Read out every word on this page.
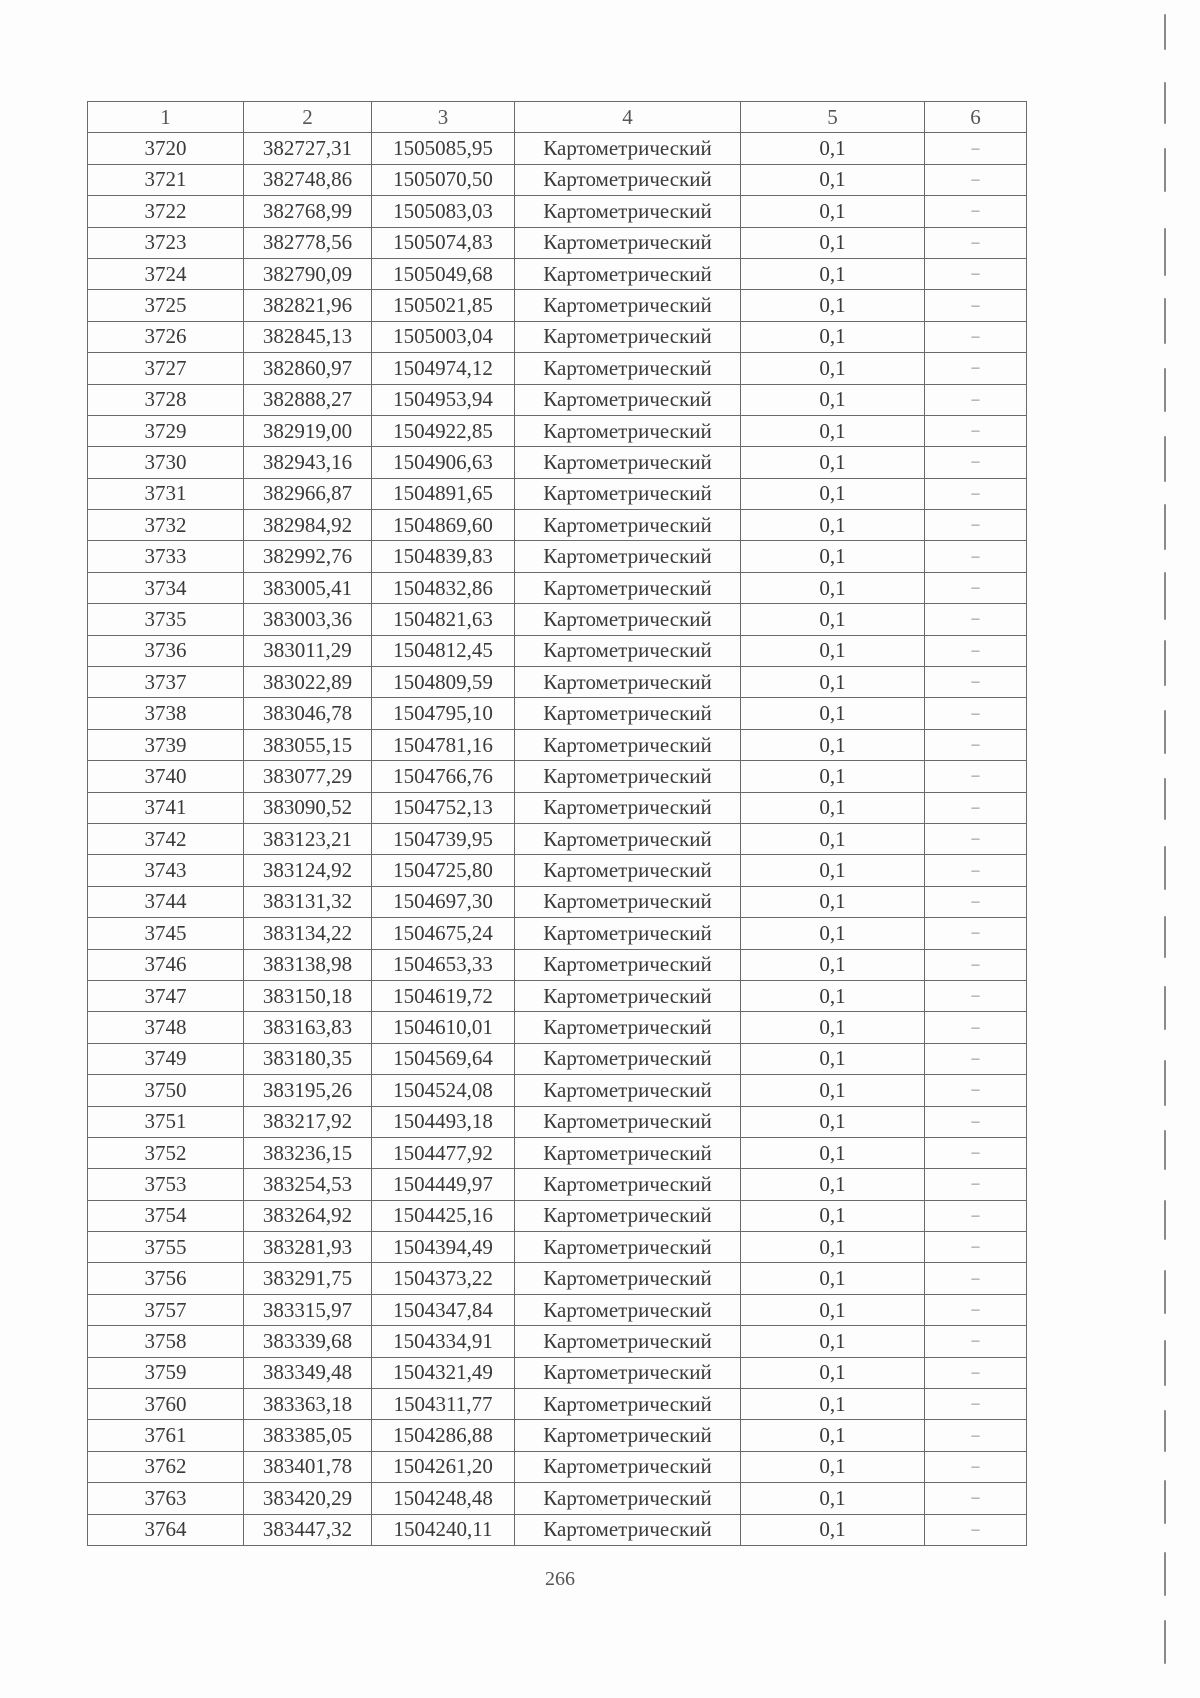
1	2	3	4	5	6
3720	382727,31	1505085,95	Картометрический	0,1	–
3721	382748,86	1505070,50	Картометрический	0,1	–
3722	382768,99	1505083,03	Картометрический	0,1	–
3723	382778,56	1505074,83	Картометрический	0,1	–
3724	382790,09	1505049,68	Картометрический	0,1	–
3725	382821,96	1505021,85	Картометрический	0,1	–
3726	382845,13	1505003,04	Картометрический	0,1	–
3727	382860,97	1504974,12	Картометрический	0,1	–
3728	382888,27	1504953,94	Картометрический	0,1	–
3729	382919,00	1504922,85	Картометрический	0,1	–
3730	382943,16	1504906,63	Картометрический	0,1	–
3731	382966,87	1504891,65	Картометрический	0,1	–
3732	382984,92	1504869,60	Картометрический	0,1	–
3733	382992,76	1504839,83	Картометрический	0,1	–
3734	383005,41	1504832,86	Картометрический	0,1	–
3735	383003,36	1504821,63	Картометрический	0,1	–
3736	383011,29	1504812,45	Картометрический	0,1	–
3737	383022,89	1504809,59	Картометрический	0,1	–
3738	383046,78	1504795,10	Картометрический	0,1	–
3739	383055,15	1504781,16	Картометрический	0,1	–
3740	383077,29	1504766,76	Картометрический	0,1	–
3741	383090,52	1504752,13	Картометрический	0,1	–
3742	383123,21	1504739,95	Картометрический	0,1	–
3743	383124,92	1504725,80	Картометрический	0,1	–
3744	383131,32	1504697,30	Картометрический	0,1	–
3745	383134,22	1504675,24	Картометрический	0,1	–
3746	383138,98	1504653,33	Картометрический	0,1	–
3747	383150,18	1504619,72	Картометрический	0,1	–
3748	383163,83	1504610,01	Картометрический	0,1	–
3749	383180,35	1504569,64	Картометрический	0,1	–
3750	383195,26	1504524,08	Картометрический	0,1	–
3751	383217,92	1504493,18	Картометрический	0,1	–
3752	383236,15	1504477,92	Картометрический	0,1	–
3753	383254,53	1504449,97	Картометрический	0,1	–
3754	383264,92	1504425,16	Картометрический	0,1	–
3755	383281,93	1504394,49	Картометрический	0,1	–
3756	383291,75	1504373,22	Картометрический	0,1	–
3757	383315,97	1504347,84	Картометрический	0,1	–
3758	383339,68	1504334,91	Картометрический	0,1	–
3759	383349,48	1504321,49	Картометрический	0,1	–
3760	383363,18	1504311,77	Картометрический	0,1	–
3761	383385,05	1504286,88	Картометрический	0,1	–
3762	383401,78	1504261,20	Картометрический	0,1	–
3763	383420,29	1504248,48	Картометрический	0,1	–
3764	383447,32	1504240,11	Картометрический	0,1	–
266
